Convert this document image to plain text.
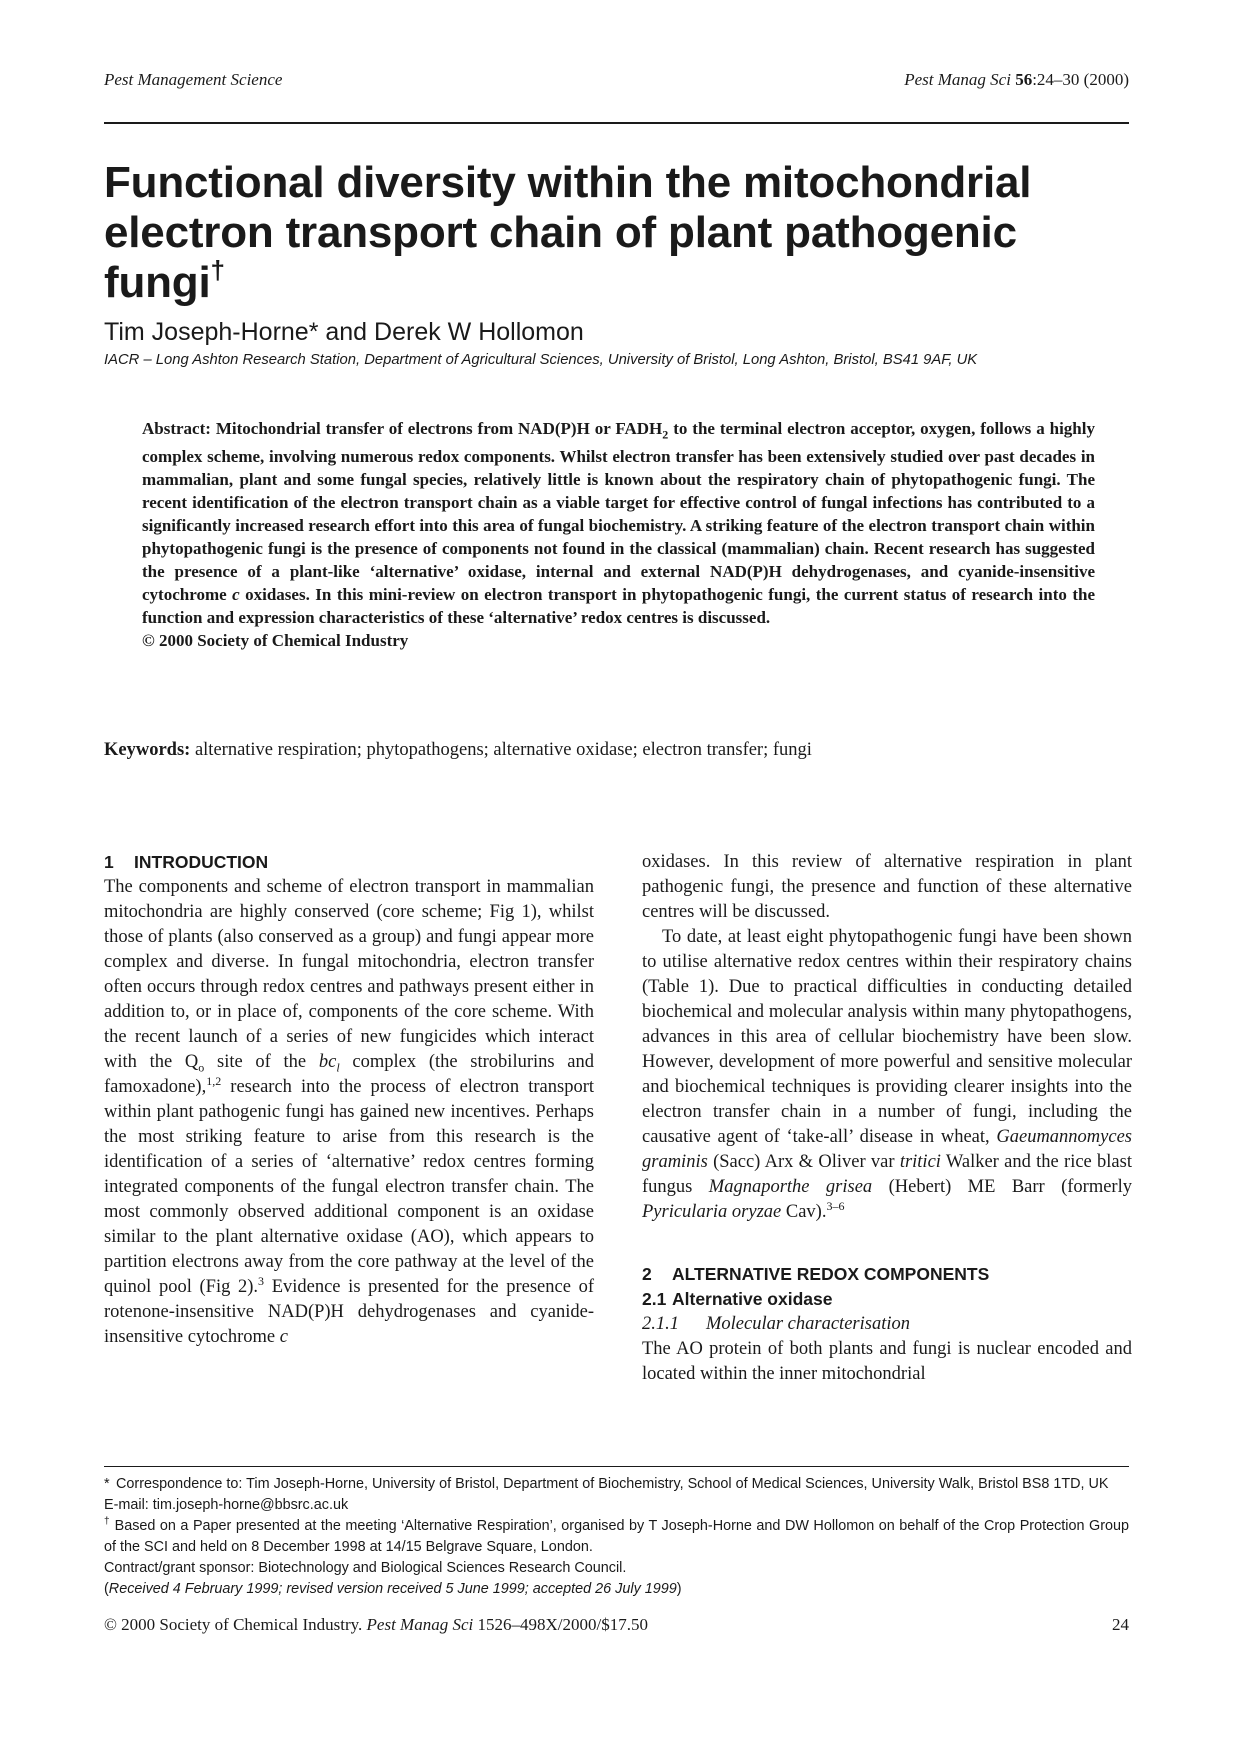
Pest Management Science	Pest Manag Sci 56:24–30 (2000)
Functional diversity within the mitochondrial electron transport chain of plant pathogenic fungi†
Tim Joseph-Horne* and Derek W Hollomon
IACR – Long Ashton Research Station, Department of Agricultural Sciences, University of Bristol, Long Ashton, Bristol, BS41 9AF, UK

Abstract: Mitochondrial transfer of electrons from NAD(P)H or $FADH_2$ to the terminal electron acceptor, oxygen, follows a highly complex scheme, involving numerous redox components. Whilst electron transfer has been extensively studied over past decades in mammalian, plant and some fungal species, relatively little is known about the respiratory chain of phytopathogenic fungi. The recent identification of the electron transport chain as a viable target for effective control of fungal infections has contributed to a significantly increased research effort into this area of fungal biochemistry. A striking feature of the electron transport chain within phytopathogenic fungi is the presence of components not found in the classical (mammalian) chain. Recent research has suggested the presence of a plant-like ‘alternative’ oxidase, internal and external NAD(P)H dehydrogenases, and cyanide-insensitive cytochrome c oxidases. In this mini-review on electron transport in phytopathogenic fungi, the current status of research into the function and expression characteristics of these ‘alternative’ redox centres is discussed.

© 2000 Society of Chemical Industry

Keywords: alternative respiration; phytopathogens; alternative oxidase; electron transfer; fungi
1 INTRODUCTION

The components and scheme of electron transport in mammalian mitochondria are highly conserved (core scheme; Fig 1), whilst those of plants (also conserved as a group) and fungi appear more complex and diverse. In fungal mitochondria, electron transfer often occurs through redox centres and pathways present either in addition to, or in place of, components of the core scheme. With the recent launch of a series of new fungicides which interact with the $Q_o$ site of the $bc_l$ complex (the strobilurins and famoxadone),$^{1,2}$ research into the process of electron transport within plant pathogenic fungi has gained new incentives. Perhaps the most striking feature to arise from this research is the identification of a series of ‘alternative’ redox centres forming integrated components of the fungal electron transfer chain. The most commonly observed additional component is an oxidase similar to the plant alternative oxidase (AO), which appears to partition electrons away from the core pathway at the level of the quinol pool (Fig 2).$^3$ Evidence is presented for the presence of rotenone-insensitive NAD(P)H dehydrogenases and cyanide-insensitive cytochrome c

oxidases. In this review of alternative respiration in plant pathogenic fungi, the presence and function of these alternative centres will be discussed.

To date, at least eight phytopathogenic fungi have been shown to utilise alternative redox centres within their respiratory chains (Table 1). Due to practical difficulties in conducting detailed biochemical and molecular analysis within many phytopathogens, advances in this area of cellular biochemistry have been slow. However, development of more powerful and sensitive molecular and biochemical techniques is providing clearer insights into the electron transfer chain in a number of fungi, including the causative agent of ‘take-all’ disease in wheat, Gaeumannomyces graminis (Sacc) Arx & Oliver var tritici Walker and the rice blast fungus Magnaporthe grisea (Hebert) ME Barr (formerly Pyricularia oryzae Cav).$^{3-6}$

2 ALTERNATIVE REDOX COMPONENTS
2.1 Alternative oxidase
2.1.1 Molecular characterisation

The AO protein of both plants and fungi is nuclear encoded and located within the inner mitochondrial

* Correspondence to: Tim Joseph-Horne, University of Bristol, Department of Biochemistry, School of Medical Sciences, University Walk, Bristol BS8 1TD, UK

E-mail: tim.joseph-horne@bbsrc.ac.uk

† Based on a Paper presented at the meeting ‘Alternative Respiration’, organised by T Joseph-Horne and DW Hollomon on behalf of the Crop Protection Group of the SCI and held on 8 December 1998 at 14/15 Belgrave Square, London.

Contract/grant sponsor: Biotechnology and Biological Sciences Research Council.

(Received 4 February 1999; revised version received 5 June 1999; accepted 26 July 1999)

© 2000 Society of Chemical Industry. Pest Manag Sci 1526–498X/2000/$17.50	24
